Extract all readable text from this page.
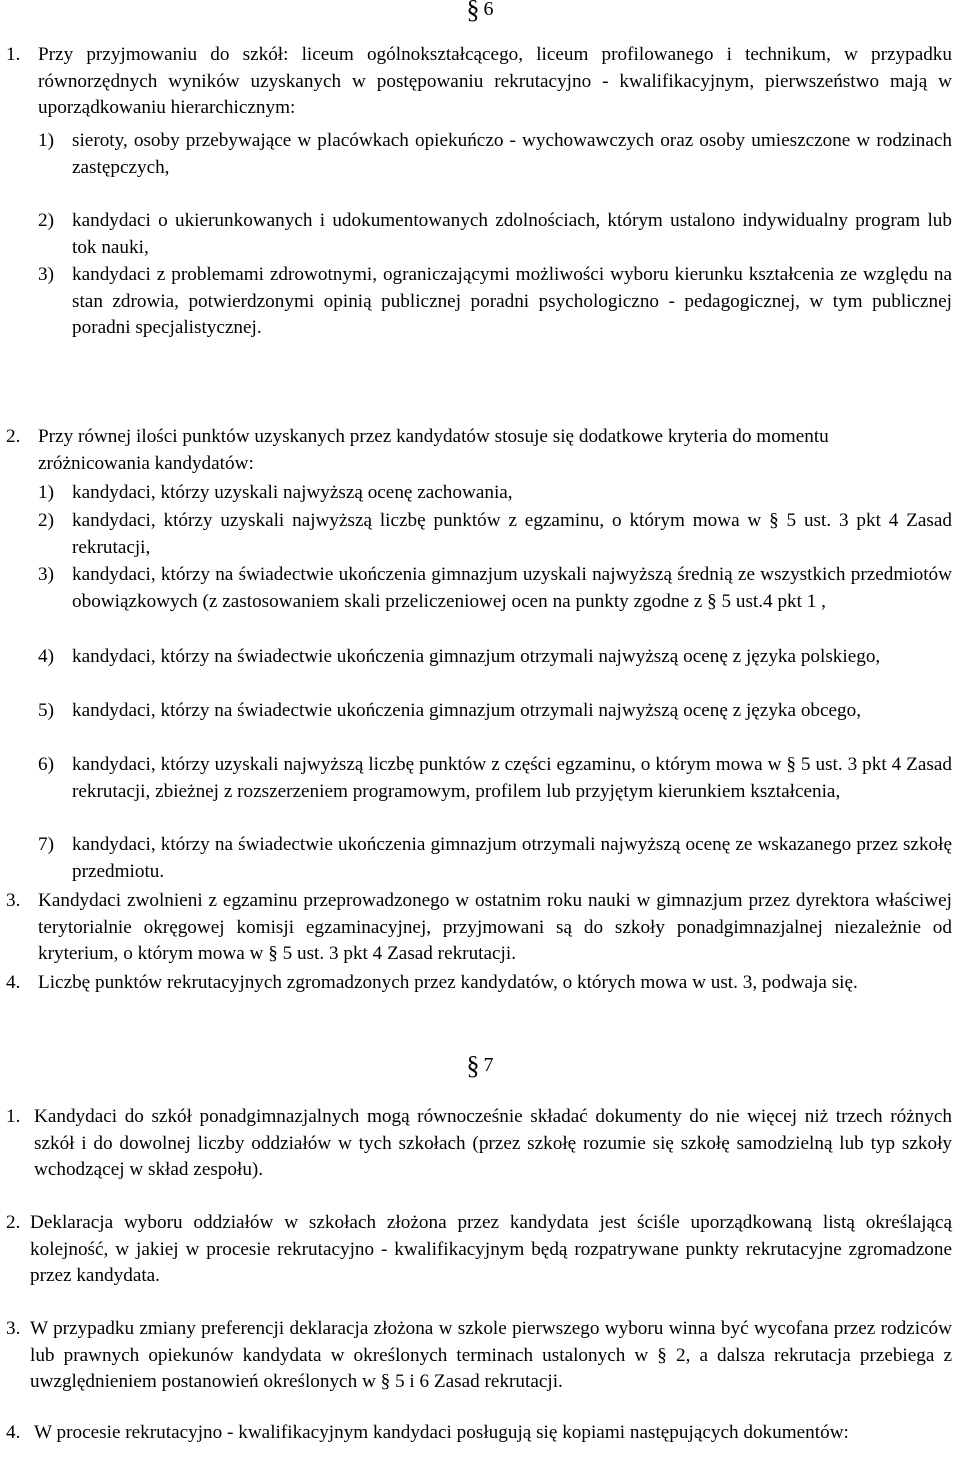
§ 6
1. Przy przyjmowaniu do szkół: liceum ogólnokształcącego, liceum profilowanego i technikum, w przypadku równorzędnych wyników uzyskanych w postępowaniu rekrutacyjno - kwalifikacyjnym, pierwszeństwo mają w uporządkowaniu hierarchicznym:
1) sieroty, osoby przebywające w placówkach opiekuńczo - wychowawczych oraz osoby umieszczone w rodzinach zastępczych,
2) kandydaci o ukierunkowanych i udokumentowanych zdolnościach, którym ustalono indywidualny program lub tok nauki,
3) kandydaci z problemami zdrowotnymi, ograniczającymi możliwości wyboru kierunku kształcenia ze względu na stan zdrowia, potwierdzonymi opinią publicznej poradni psychologiczno - pedagogicznej, w tym publicznej poradni specjalistycznej.
2. Przy równej ilości punktów uzyskanych przez kandydatów stosuje się dodatkowe kryteria do momentu zróżnicowania kandydatów:
1) kandydaci, którzy uzyskali najwyższą ocenę zachowania,
2) kandydaci, którzy uzyskali najwyższą liczbę punktów z egzaminu, o którym mowa w § 5 ust. 3 pkt 4 Zasad rekrutacji,
3) kandydaci, którzy na świadectwie ukończenia gimnazjum uzyskali najwyższą średnią ze wszystkich przedmiotów obowiązkowych (z zastosowaniem skali przeliczeniowej ocen na punkty zgodne z § 5 ust.4 pkt 1 ,
4) kandydaci, którzy na świadectwie ukończenia gimnazjum otrzymali najwyższą ocenę z języka polskiego,
5) kandydaci, którzy na świadectwie ukończenia gimnazjum otrzymali najwyższą ocenę z języka obcego,
6) kandydaci, którzy uzyskali najwyższą liczbę punktów z części egzaminu, o którym mowa w § 5 ust. 3 pkt 4 Zasad rekrutacji, zbieżnej z rozszerzeniem programowym, profilem lub przyjętym kierunkiem kształcenia,
7) kandydaci, którzy na świadectwie ukończenia gimnazjum otrzymali najwyższą ocenę ze wskazanego przez szkołę przedmiotu.
3. Kandydaci zwolnieni z egzaminu przeprowadzonego w ostatnim roku nauki w gimnazjum przez dyrektora właściwej terytorialnie okręgowej komisji egzaminacyjnej, przyjmowani są do szkoły ponadgimnazjalnej niezależnie od kryterium, o którym mowa w § 5 ust. 3 pkt 4 Zasad rekrutacji.
4. Liczbę punktów rekrutacyjnych zgromadzonych przez kandydatów, o których mowa w ust. 3, podwaja się.
§ 7
1. Kandydaci do szkół ponadgimnazjalnych mogą równocześnie składać dokumenty do nie więcej niż trzech różnych szkół i do dowolnej liczby oddziałów w tych szkołach (przez szkołę rozumie się szkołę samodzielną lub typ szkoły wchodzącej w skład zespołu).
2. Deklaracja wyboru oddziałów w szkołach złożona przez kandydata jest ściśle uporządkowaną listą określającą kolejność, w jakiej w procesie rekrutacyjno - kwalifikacyjnym będą rozpatrywane punkty rekrutacyjne zgromadzone przez kandydata.
3. W przypadku zmiany preferencji deklaracja złożona w szkole pierwszego wyboru winna być wycofana przez rodziców lub prawnych opiekunów kandydata w określonych terminach ustalonych w § 2, a dalsza rekrutacja przebiega z uwzględnieniem postanowień określonych w § 5 i 6 Zasad rekrutacji.
4. W procesie rekrutacyjno - kwalifikacyjnym kandydaci posługują się kopiami następujących dokumentów:
